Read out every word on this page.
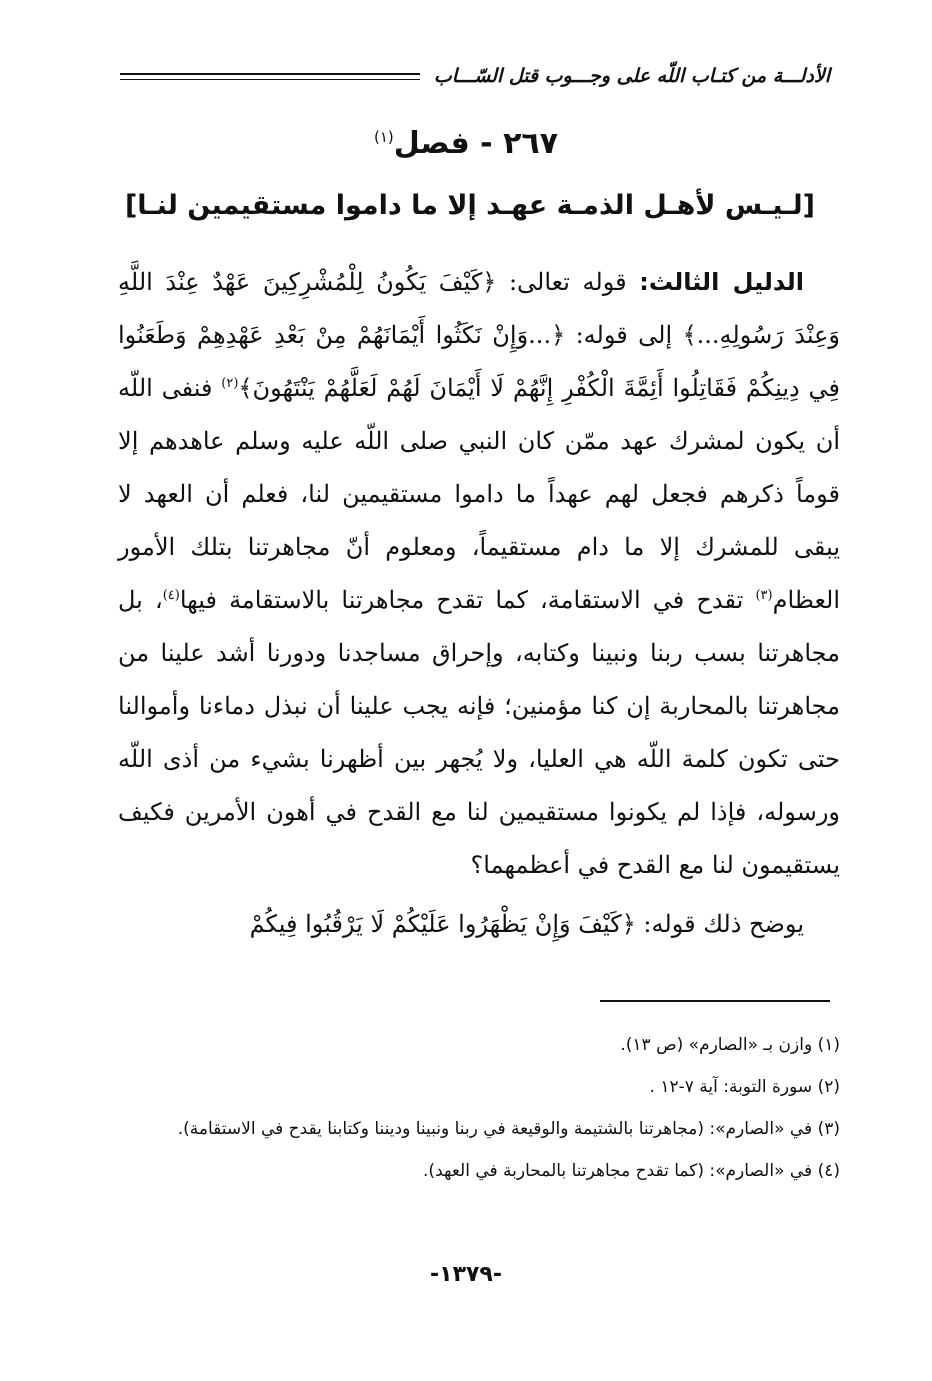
الأدلـــة من كتـاب اللّه على وجـــوب قتل السّـــاب
٢٦٧ - فصل$^{(١)}$
[لـيـس لأهـل الذمـة عهـد إلا ما داموا مستقيمين لنـا]

الدليل الثالث: قوله تعالى: ﴿كَيْفَ يَكُونُ لِلْمُشْرِكِينَ عَهْدٌ عِنْدَ اللَّهِ وَعِنْدَ رَسُولِهِ...﴾ إلى قوله: ﴿...وَإِنْ نَكَثُوا أَيْمَانَهُمْ مِنْ بَعْدِ عَهْدِهِمْ وَطَعَنُوا فِي دِينِكُمْ فَقَاتِلُوا أَئِمَّةَ الْكُفْرِ إِنَّهُمْ لَا أَيْمَانَ لَهُمْ لَعَلَّهُمْ يَنْتَهُونَ﴾$^{(٢)}$ فنفى اللّه أن يكون لمشرك عهد ممّن كان النبي صلى اللّه عليه وسلم عاهدهم إلا قوماً ذكرهم فجعل لهم عهداً ما داموا مستقيمين لنا، فعلم أن العهد لا يبقى للمشرك إلا ما دام مستقيماً، ومعلوم أنّ مجاهرتنا بتلك الأمور العظام$^{(٣)}$ تقدح في الاستقامة، كما تقدح مجاهرتنا بالاستقامة فيها$^{(٤)}$، بل مجاهرتنا بسب ربنا ونبينا وكتابه، وإحراق مساجدنا ودورنا أشد علينا من مجاهرتنا بالمحاربة إن كنا مؤمنين؛ فإنه يجب علينا أن نبذل دماءنا وأموالنا حتى تكون كلمة اللّه هي العليا، ولا يُجهر بين أظهرنا بشيء من أذى اللّه ورسوله، فإذا لم يكونوا مستقيمين لنا مع القدح في أهون الأمرين فكيف يستقيمون لنا مع القدح في أعظمهما؟

يوضح ذلك قوله: ﴿كَيْفَ وَإِنْ يَظْهَرُوا عَلَيْكُمْ لَا يَرْقُبُوا فِيكُمْ

(١) وازن بـ «الصارم» (ص ١٣).

(٢) سورة التوبة: آية ٧-١٢ .

(٣) في «الصارم»: (مجاهرتنا بالشتيمة والوقيعة في ربنا ونبينا وديننا وكتابنا يقدح في الاستقامة).

(٤) في «الصارم»: (كما تقدح مجاهرتنا بالمحاربة في العهد).

-١٣٧٩-
